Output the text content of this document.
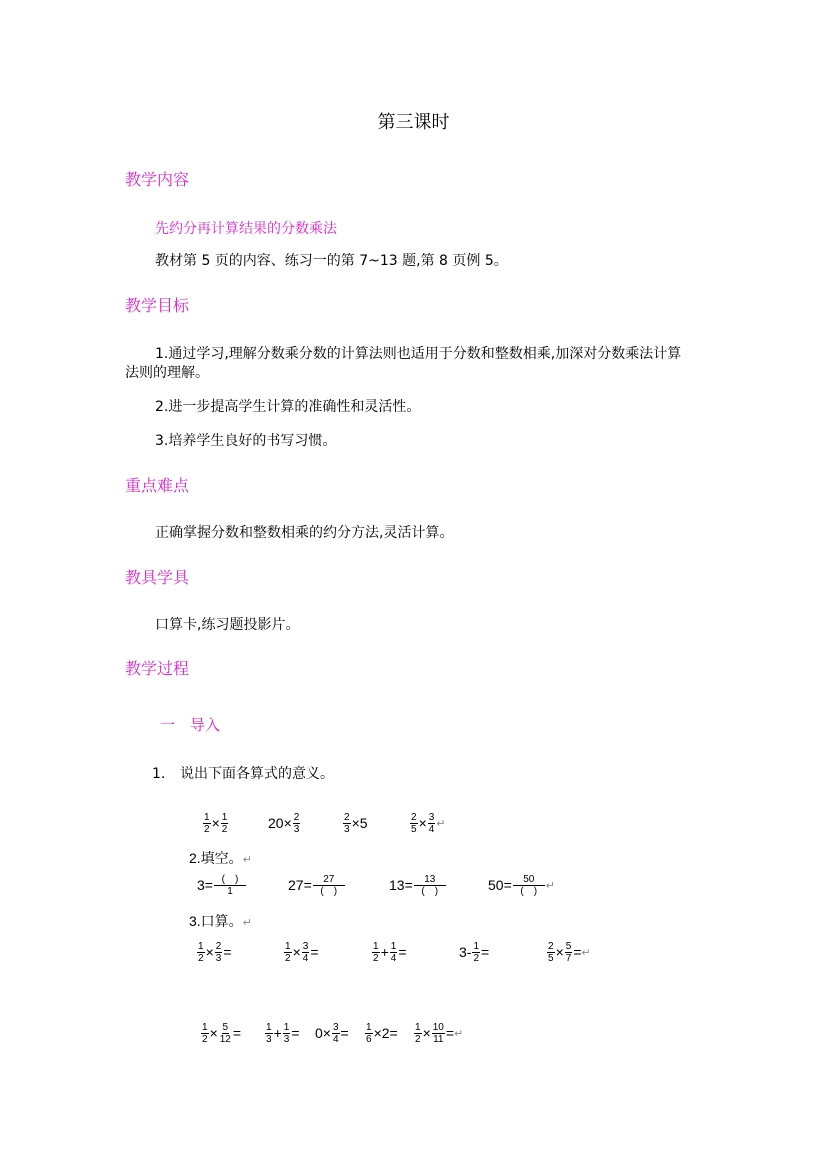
第三课时
教学内容
先约分再计算结果的分数乘法
教材第 5 页的内容、练习一的第 7~13 题,第 8 页例 5。
教学目标
1.通过学习,理解分数乘分数的计算法则也适用于分数和整数相乘,加深对分数乘法计算
法则的理解。
2.进一步提高学生计算的准确性和灵活性。
3.培养学生良好的书写习惯。
重点难点
正确掌握分数和整数相乘的约分方法,灵活计算。
教具学具
口算卡,练习题投影片。
教学过程
一　导入
1. 说出下面各算式的意义。
$\frac{1}{2} \times \frac{1}{2}$	$20 \times \frac{2}{3}$	$\frac{2}{3} \times 5$	$\frac{2}{5} \times \frac{3}{4}$ ↵
2.填空。↵
$3 = \frac{( )}{1}$	$27 = \frac{27}{( )}$	$13 = \frac{13}{( )}$	$50 = \frac{50}{( )}$ ↵
3.口算。↵
$\frac{1}{2} \times \frac{2}{3}$ =	$\frac{1}{2} \times \frac{3}{4}$ =	$\frac{1}{2} + \frac{1}{4}$ =	$3 - \frac{1}{2}$ =	$\frac{2}{5} \times \frac{5}{7}$ = ↵
$\frac{1}{2} \times \frac{5}{12} = \frac{1}{3} + \frac{1}{3} = 0 \times \frac{3}{4} = \frac{1}{6} \times 2 = \frac{1}{2} \times \frac{10}{11}$ = ↵
